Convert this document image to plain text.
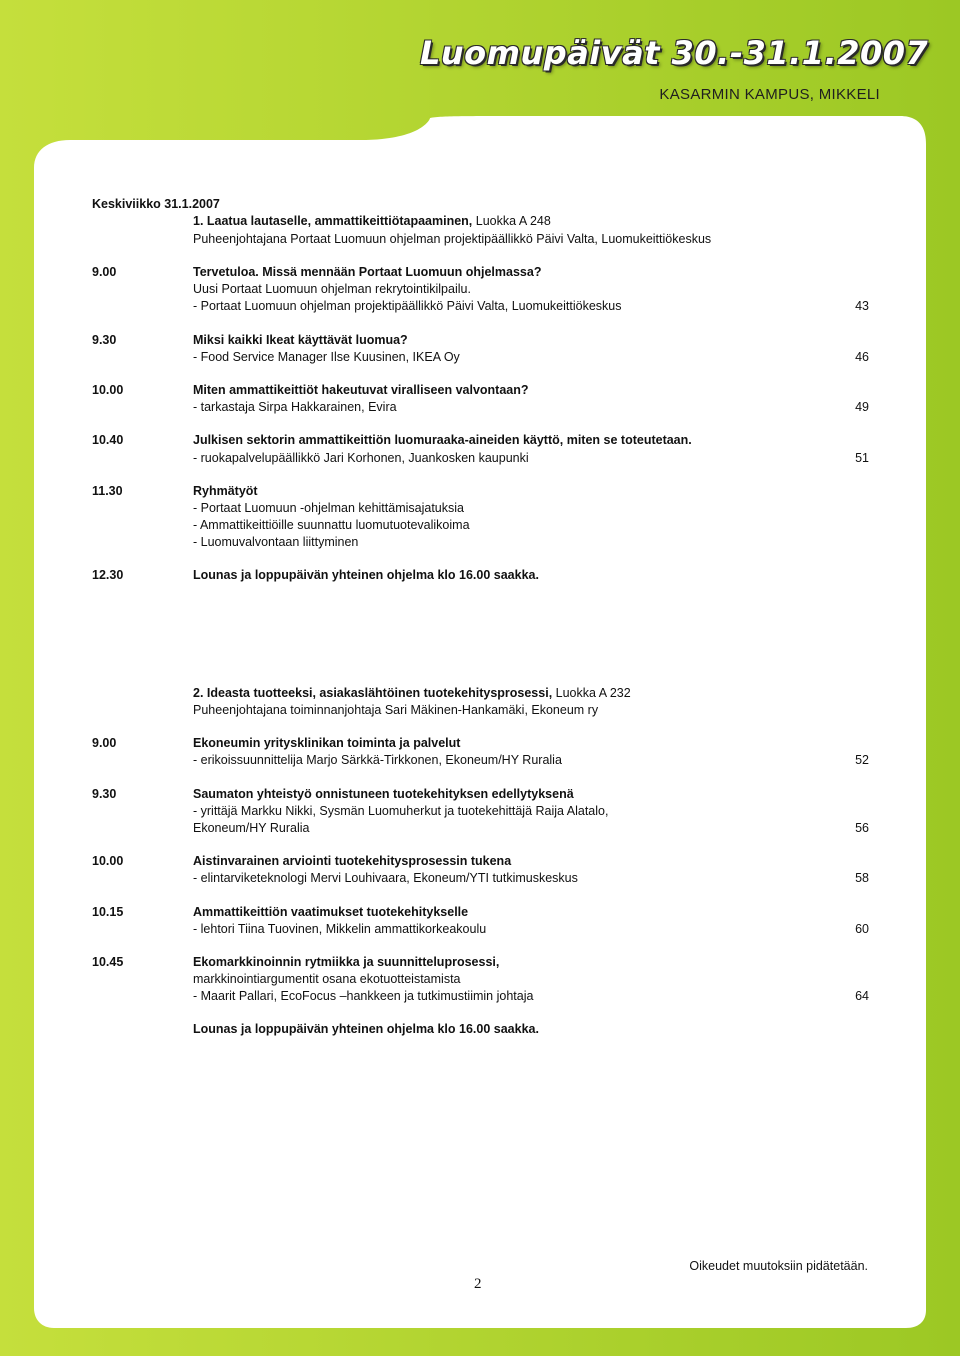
Luomupäivät 30.-31.1.2007
KASARMIN KAMPUS, MIKKELI
Keskiviikko 31.1.2007
1. Laatua lautaselle, ammattikeittiötapaaminen, Luokka A 248
Puheenjohtajana Portaat Luomuun ohjelman projektipäällikkö Päivi Valta, Luomukeittiökeskus
9.00	Tervetuloa. Missä mennään Portaat Luomuun ohjelmassa?
Uusi Portaat Luomuun ohjelman rekrytointikilpailu.
- Portaat Luomuun ohjelman projektipäällikkö Päivi Valta, Luomukeittiökeskus	43
9.30	Miksi kaikki Ikeat käyttävät luomua?
- Food Service Manager Ilse Kuusinen, IKEA Oy	46
10.00	Miten ammattikeittiöt hakeutuvat viralliseen valvontaan?
- tarkastaja Sirpa Hakkarainen, Evira	49
10.40	Julkisen sektorin ammattikeittiön luomuraaka-aineiden käyttö, miten se toteutetaan.
- ruokapalvelupäällikkö Jari Korhonen, Juankosken kaupunki	51
11.30	Ryhmätyöt
- Portaat Luomuun -ohjelman kehittämisajatuksia
- Ammattikeittiöille suunnattu luomutuotevalikoima
- Luomuvalvontaan liittyminen
12.30	Lounas ja loppupäivän yhteinen ohjelma klo 16.00 saakka.
2. Ideasta tuotteeksi, asiakaslähtöinen tuotekehitysprosessi, Luokka A 232
Puheenjohtajana toiminnanjohtaja Sari Mäkinen-Hankamäki, Ekoneum ry
9.00	Ekoneumin yritysklinikan toiminta ja palvelut
- erikoissuunnittelija Marjo Särkkä-Tirkkonen, Ekoneum/HY Ruralia	52
9.30	Saumaton yhteistyö onnistuneen tuotekehityksen edellytyksenä
- yrittäjä Markku Nikki, Sysmän Luomuherkut ja tuotekehittäjä Raija Alatalo,
Ekoneum/HY Ruralia	56
10.00	Aistinvarainen arviointi tuotekehitysprosessin tukena
- elintarviketeknologi Mervi Louhivaara, Ekoneum/YTI tutkimuskeskus	58
10.15	Ammattikeittiön vaatimukset tuotekehitykselle
- lehtori Tiina Tuovinen, Mikkelin ammattikorkeakoulu	60
10.45	Ekomarkkinoinnin rytmiikka ja suunnitteluprosessi,
markkinointiargumentit osana ekotuotteistamista
- Maarit Pallari, EcoFocus –hankkeen ja tutkimustiimin johtaja	64
Lounas ja loppupäivän yhteinen ohjelma klo 16.00 saakka.
Oikeudet muutoksiin pidätetään.
2
